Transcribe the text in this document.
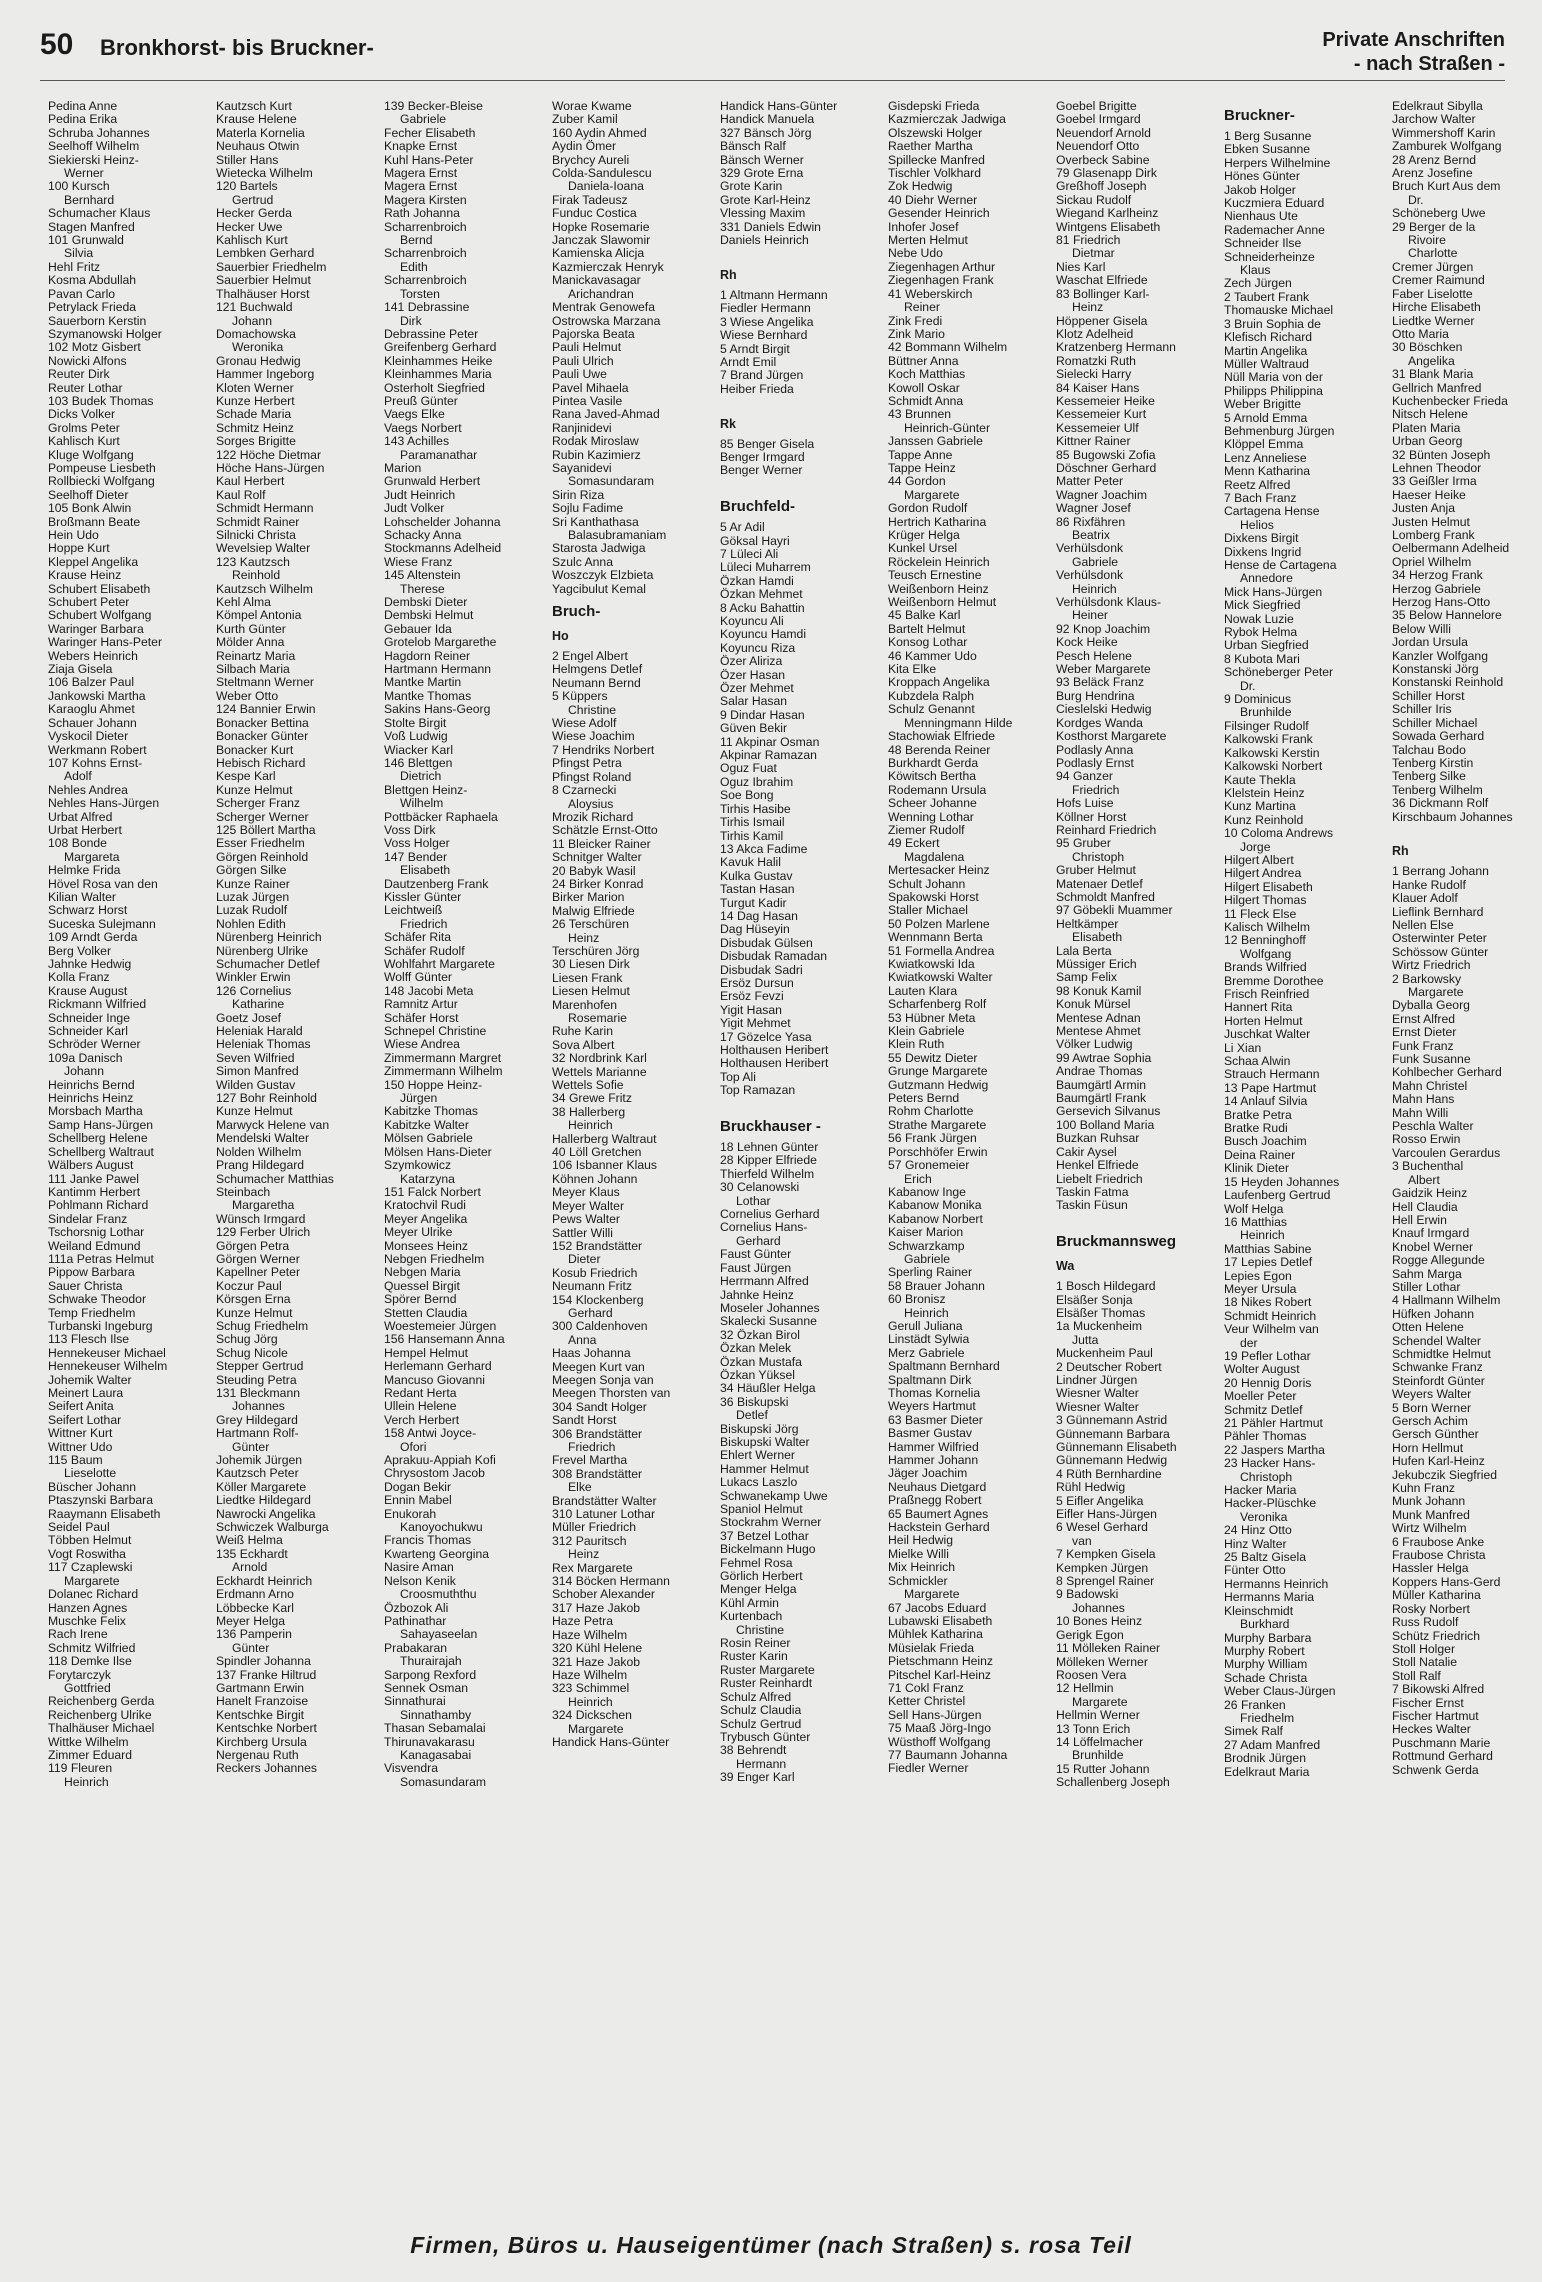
50 Bronkhorst- bis Bruckner-	Private Anschriften
- nach Straßen -
Pedina Anne
Pedina Erika
Schruba Johannes
Seelhoff Wilhelm
Siekierski Heinz-
Werner
100 Kursch
Bernhard
Schumacher Klaus
Stagen Manfred
101 Grunwald
Silvia
Hehl Fritz
Kosma Abdullah
Pavan Carlo
Petrylack Frieda
Sauerborn Kerstin
Szymanowski Holger
102 Motz Gisbert
Nowicki Alfons
Reuter Dirk
Reuter Lothar
103 Budek Thomas
Dicks Volker
Grolms Peter
Kahlisch Kurt
Kluge Wolfgang
Pompeuse Liesbeth
Rollbiecki Wolfgang
Seelhoff Dieter
105 Bonk Alwin
Broßmann Beate
Hein Udo
Hoppe Kurt
Kleppel Angelika
Krause Heinz
Schubert Elisabeth
Schubert Peter
Schubert Wolfgang
Waringer Barbara
Waringer Hans-Peter
Webers Heinrich
Ziaja Gisela
106 Balzer Paul
Jankowski Martha
Karaoglu Ahmet
Schauer Johann
Vyskocil Dieter
Werkmann Robert
107 Kohns Ernst-
Adolf
Nehles Andrea
Nehles Hans-Jürgen
Urbat Alfred
Urbat Herbert
108 Bonde
Margareta
Helmke Frida
Hövel Rosa van den
Kilian Walter
Schwarz Horst
Suceska Sulejmann
109 Arndt Gerda
Berg Volker
Jahnke Hedwig
Kolla Franz
Krause August
Rickmann Wilfried
Schneider Inge
Schneider Karl
Schröder Werner
109a Danisch
Johann
Heinrichs Bernd
Heinrichs Heinz
Morsbach Martha
Samp Hans-Jürgen
Schellberg Helene
Schellberg Waltraut
Wälbers August
111 Janke Pawel
Kantimm Herbert
Pohlmann Richard
Sindelar Franz
Tschorsnig Lothar
Weiland Edmund
111a Petras Helmut
Pippow Barbara
Sauer Christa
Schwake Theodor
Temp Friedhelm
Turbanski Ingeburg
113 Flesch Ilse
Hennekeuser Michael
Hennekeuser Wilhelm
Johemik Walter
Meinert Laura
Seifert Anita
Seifert Lothar
Wittner Kurt
Wittner Udo
115 Baum
Lieselotte
Büscher Johann
Ptaszynski Barbara
Raaymann Elisabeth
Seidel Paul
Többen Helmut
Vogt Roswitha
117 Czaplewski
Margarete
Dolanec Richard
Hanzen Agnes
Muschke Felix
Rach Irene
Schmitz Wilfried
118 Demke Ilse
Forytarczyk
Gottfried
Reichenberg Gerda
Reichenberg Ulrike
Thalhäuser Michael
Wittke Wilhelm
Zimmer Eduard
119 Fleuren
Heinrich
Kautzsch Kurt
Krause Helene
Materla Kornelia
Neuhaus Otwin
Stiller Hans
Wietecka Wilhelm
120 Bartels
Gertrud
Hecker Gerda
Hecker Uwe
Kahlisch Kurt
Lembken Gerhard
Sauerbier Friedhelm
Sauerbier Helmut
Thalhäuser Horst
121 Buchwald
Johann
Domachowska
Weronika
Gronau Hedwig
Hammer Ingeborg
Kloten Werner
Kunze Herbert
Schade Maria
Schmitz Heinz
Sorges Brigitte
122 Höche Dietmar
Höche Hans-Jürgen
Kaul Herbert
Kaul Rolf
Schmidt Hermann
Schmidt Rainer
Silnicki Christa
Wevelsiep Walter
123 Kautzsch
Reinhold
Kautzsch Wilhelm
Kehl Alma
Kömpel Antonia
Kurth Günter
Mölder Anna
Reinartz Maria
Silbach Maria
Steltmann Werner
Weber Otto
124 Bannier Erwin
Bonacker Bettina
Bonacker Günter
Bonacker Kurt
Hebisch Richard
Kespe Karl
Kunze Helmut
Scherger Franz
Scherger Werner
125 Böllert Martha
Esser Friedhelm
Görgen Reinhold
Görgen Silke
Kunze Rainer
Luzak Jürgen
Luzak Rudolf
Nohlen Edith
Nürenberg Heinrich
Nürenberg Ulrike
Schumacher Detlef
Winkler Erwin
126 Cornelius
Katharine
Goetz Josef
Heleniak Harald
Heleniak Thomas
Seven Wilfried
Simon Manfred
Wilden Gustav
127 Bohr Reinhold
Kunze Helmut
Marwyck Helene van
Mendelski Walter
Nolden Wilhelm
Prang Hildegard
Schumacher Matthias
Steinbach
Margaretha
Wünsch Irmgard
129 Ferber Ulrich
Görgen Petra
Görgen Werner
Kapellner Peter
Koczur Paul
Körsgen Erna
Kunze Helmut
Schug Friedhelm
Schug Jörg
Schug Nicole
Stepper Gertrud
Steuding Petra
131 Bleckmann
Johannes
Grey Hildegard
Hartmann Rolf-
Günter
Johemik Jürgen
Kautzsch Peter
Köller Margarete
Liedtke Hildegard
Nawrocki Angelika
Schwiczek Walburga
Weiß Helma
135 Eckhardt
Arnold
Eckhardt Heinrich
Erdmann Arno
Löbbecke Karl
Meyer Helga
136 Pamperin
Günter
Spindler Johanna
137 Franke Hiltrud
Gartmann Erwin
Hanelt Franzoise
Kentschke Birgit
Kentschke Norbert
Kirchberg Ursula
Nergenau Ruth
Reckers Johannes
139 Becker-Bleise
Gabriele
Fecher Elisabeth
Knapke Ernst
Kuhl Hans-Peter
Magera Ernst
Magera Ernst
Magera Kirsten
Rath Johanna
Scharrenbroich
Bernd
Scharrenbroich
Edith
Scharrenbroich
Torsten
141 Debrassine
Dirk
Debrassine Peter
Greifenberg Gerhard
Kleinhammes Heike
Kleinhammes Maria
Osterholt Siegfried
Preuß Günter
Vaegs Elke
Vaegs Norbert
143 Achilles
Paramanathar
Marion
Grunwald Herbert
Judt Heinrich
Judt Volker
Lohschelder Johanna
Schacky Anna
Stockmanns Adelheid
Wiese Franz
145 Altenstein
Therese
Dembski Dieter
Dembski Helmut
Gebauer Ida
Grotelob Margarethe
Hagdorn Reiner
Hartmann Hermann
Mantke Martin
Mantke Thomas
Sakins Hans-Georg
Stolte Birgit
Voß Ludwig
Wiacker Karl
146 Blettgen
Dietrich
Blettgen Heinz-
Wilhelm
Pottbäcker Raphaela
Voss Dirk
Voss Holger
147 Bender
Elisabeth
Dautzenberg Frank
Kissler Günter
Leichtweiß
Friedrich
Schäfer Rita
Schäfer Rudolf
Wohlfahrt Margarete
Wolff Günter
148 Jacobi Meta
Ramnitz Artur
Schäfer Horst
Schnepel Christine
Wiese Andrea
Zimmermann Margret
Zimmermann Wilhelm
150 Hoppe Heinz-
Jürgen
Kabitzke Thomas
Kabitzke Walter
Mölsen Gabriele
Mölsen Hans-Dieter
Szymkowicz
Katarzyna
151 Falck Norbert
Kratochvil Rudi
Meyer Angelika
Meyer Ulrike
Monsees Heinz
Nebgen Friedhelm
Nebgen Maria
Quessel Birgit
Spörer Bernd
Stetten Claudia
Woestemeier Jürgen
156 Hansemann Anna
Hempel Helmut
Herlemann Gerhard
Mancuso Giovanni
Redant Herta
Ullein Helene
Verch Herbert
158 Antwi Joyce-
Ofori
Aprakuu-Appiah Kofi
Chrysostom Jacob
Dogan Bekir
Ennin Mabel
Enukorah
Kanoyochukwu
Francis Thomas
Kwarteng Georgina
Nasire Aman
Nelson Kenik
Croosmuththu
Özbozok Ali
Pathinathar
Sahayaseelan
Prabakaran
Thurairajah
Sarpong Rexford
Sennek Osman
Sinnathurai
Sinnathamby
Thasan Sebamalai
Thirunavakarasu
Kanagasabai
Visvendra
Somasundaram
Worae Kwame
Zuber Kamil
160 Aydin Ahmed
Aydin Ömer
Brychcy Aureli
Colda-Sandulescu
Daniela-Ioana
Firak Tadeusz
Funduc Costica
Hopke Rosemarie
Janczak Slawomir
Kamienska Alicja
Kazmierczak Henryk
Manickavasagar
Arichandran
Mentrak Genowefa
Ostrowska Marzana
Pajorska Beata
Pauli Helmut
Pauli Ulrich
Pauli Uwe
Pavel Mihaela
Pintea Vasile
Rana Javed-Ahmad
Ranjinidevi
Rodak Miroslaw
Rubin Kazimierz
Sayanidevi
Somasundaram
Sirin Riza
Sojlu Fadime
Sri Kanthathasa
Balasubramaniam
Starosta Jadwiga
Szulc Anna
Woszczyk Elzbieta
Yagcibulut Kemal
Bruch-
Ho
2 Engel Albert
Helmgens Detlef
Neumann Bernd
5 Küppers
Christine
Wiese Adolf
Wiese Joachim
7 Hendriks Norbert
Pfingst Petra
Pfingst Roland
8 Czarnecki
Aloysius
Mrozik Richard
Schätzle Ernst-Otto
11 Bleicker Rainer
Schnitger Walter
20 Babyk Wasil
24 Birker Konrad
Birker Marion
Malwig Elfriede
26 Terschüren
Heinz
Terschüren Jörg
30 Liesen Dirk
Liesen Frank
Liesen Helmut
Marenhofen
Rosemarie
Ruhe Karin
Sova Albert
32 Nordbrink Karl
Wettels Marianne
Wettels Sofie
34 Grewe Fritz
38 Hallerberg
Heinrich
Hallerberg Waltraut
40 Löll Gretchen
106 Isbanner Klaus
Köhnen Johann
Meyer Klaus
Meyer Walter
Pews Walter
Sattler Willi
152 Brandstätter
Dieter
Kosub Friedrich
Neumann Fritz
154 Klockenberg
Gerhard
300 Caldenhoven
Anna
Haas Johanna
Meegen Kurt van
Meegen Sonja van
Meegen Thorsten van
304 Sandt Holger
Sandt Horst
306 Brandstätter
Friedrich
Frevel Martha
308 Brandstätter
Elke
Brandstätter Walter
310 Latuner Lothar
Müller Friedrich
312 Pauritsch
Heinz
Rex Margarete
314 Böcken Hermann
Schober Alexander
317 Haze Jakob
Haze Petra
Haze Wilhelm
320 Kühl Helene
321 Haze Jakob
Haze Wilhelm
323 Schimmel
Heinrich
324 Dickschen
Margarete
Handick Hans-Günter
Handick Hans-Günter
Handick Manuela
327 Bänsch Jörg
Bänsch Ralf
Bänsch Werner
329 Grote Erna
Grote Karin
Grote Karl-Heinz
Vlessing Maxim
331 Daniels Edwin
Daniels Heinrich

Rh
1 Altmann Hermann
Fiedler Hermann
3 Wiese Angelika
Wiese Bernhard
5 Arndt Birgit
Arndt Emil
7 Brand Jürgen
Heiber Frieda

Rk
85 Benger Gisela
Benger Irmgard
Benger Werner

Bruchfeld-
5 Ar Adil
Göksal Hayri
7 Lüleci Ali
Lüleci Muharrem
Özkan Hamdi
Özkan Mehmet
8 Acku Bahattin
Koyuncu Ali
Koyuncu Hamdi
Koyuncu Riza
Özer Aliriza
Özer Hasan
Özer Mehmet
Salar Hasan
9 Dindar Hasan
Güven Bekir
11 Akpinar Osman
Akpinar Ramazan
Oguz Fuat
Oguz Ibrahim
Soe Bong
Tirhis Hasibe
Tirhis Ismail
Tirhis Kamil
13 Akca Fadime
Kavuk Halil
Kulka Gustav
Tastan Hasan
Turgut Kadir
14 Dag Hasan
Dag Hüseyin
Disbudak Gülsen
Disbudak Ramadan
Disbudak Sadri
Ersöz Dursun
Ersöz Fevzi
Yigit Hasan
Yigit Mehmet
17 Gözelce Yasa
Holthausen Heribert
Holthausen Heribert
Top Ali
Top Ramazan

Bruckhauser -
18 Lehnen Günter
28 Kipper Elfriede
Thierfeld Wilhelm
30 Celanowski
Lothar
Cornelius Gerhard
Cornelius Hans-
Gerhard
Faust Günter
Faust Jürgen
Herrmann Alfred
Jahnke Heinz
Moseler Johannes
Skalecki Susanne
32 Özkan Birol
Özkan Melek
Özkan Mustafa
Özkan Yüksel
34 Häußler Helga
36 Biskupski
Detlef
Biskupski Jörg
Biskupski Walter
Ehlert Werner
Hammer Helmut
Lukacs Laszlo
Schwanekamp Uwe
Spaniol Helmut
Stockrahm Werner
37 Betzel Lothar
Bickelmann Hugo
Fehmel Rosa
Görlich Herbert
Menger Helga
Kühl Armin
Kurtenbach
Christine
Rosin Reiner
Ruster Karin
Ruster Margarete
Ruster Reinhardt
Schulz Alfred
Schulz Claudia
Schulz Gertrud
Trybusch Günter
38 Behrendt
Hermann
39 Enger Karl
Gisdepski Frieda
Kazmierczak Jadwiga
Olszewski Holger
Raether Martha
Spillecke Manfred
Tischler Volkhard
Zok Hedwig
40 Diehr Werner
Gesender Heinrich
Inhofer Josef
Merten Helmut
Nebe Udo
Ziegenhagen Arthur
Ziegenhagen Frank
41 Weberskirch
Reiner
Zink Fredi
Zink Mario
42 Bommann Wilhelm
Büttner Anna
Koch Matthias
Kowoll Oskar
Schmidt Anna
43 Brunnen
Heinrich-Günter
Janssen Gabriele
Tappe Anne
Tappe Heinz
44 Gordon
Margarete
Gordon Rudolf
Hertrich Katharina
Krüger Helga
Kunkel Ursel
Röckelein Heinrich
Teusch Ernestine
Weißenborn Heinz
Weißenborn Helmut
45 Balke Karl
Bartelt Helmut
Konsog Lothar
46 Kammer Udo
Kita Elke
Kroppach Angelika
Kubzdela Ralph
Schulz Genannt
Menningmann Hilde
Stachowiak Elfriede
48 Berenda Reiner
Burkhardt Gerda
Köwitsch Bertha
Rodemann Ursula
Scheer Johanne
Wenning Lothar
Ziemer Rudolf
49 Eckert
Magdalena
Mertesacker Heinz
Schult Johann
Spakowski Horst
Staller Michael
50 Polzen Marlene
Wennmann Berta
51 Formella Andrea
Kwiatkowski Ida
Kwiatkowski Walter
Lauten Klara
Scharfenberg Rolf
53 Hübner Meta
Klein Gabriele
Klein Ruth
55 Dewitz Dieter
Grunge Margarete
Gutzmann Hedwig
Peters Bernd
Rohm Charlotte
Strathe Margarete
56 Frank Jürgen
Porschhöfer Erwin
57 Gronemeier
Erich
Kabanow Inge
Kabanow Monika
Kabanow Norbert
Kaiser Marion
Schwarzkamp
Gabriele
Sperling Rainer
58 Brauer Johann
60 Bronisz
Heinrich
Gerull Juliana
Linstädt Sylwia
Merz Gabriele
Spaltmann Bernhard
Spaltmann Dirk
Thomas Kornelia
Weyers Hartmut
63 Basmer Dieter
Basmer Gustav
Hammer Wilfried
Hammer Johann
Jäger Joachim
Neuhaus Dietgard
Praßnegg Robert
65 Baumert Agnes
Hackstein Gerhard
Heil Hedwig
Mielke Willi
Mix Heinrich
Schmickler
Margarete
67 Jacobs Eduard
Lubawski Elisabeth
Mühlek Katharina
Müsielak Frieda
Pietschmann Heinz
Pitschel Karl-Heinz
71 Cokl Franz
Ketter Christel
Sell Hans-Jürgen
75 Maaß Jörg-Ingo
Wüsthoff Wolfgang
77 Baumann Johanna
Fiedler Werner
Goebel Brigitte
Goebel Irmgard
Neuendorf Arnold
Neuendorf Otto
Overbeck Sabine
79 Glasenapp Dirk
Greßhoff Joseph
Sickau Rudolf
Wiegand Karlheinz
Wintgens Elisabeth
81 Friedrich
Dietmar
Nies Karl
Waschat Elfriede
83 Bollinger Karl-
Heinz
Höppener Gisela
Klotz Adelheid
Kratzenberg Hermann
Romatzki Ruth
Sielecki Harry
84 Kaiser Hans
Kessemeier Heike
Kessemeier Kurt
Kessemeier Ulf
Kittner Rainer
85 Bugowski Zofia
Döschner Gerhard
Matter Peter
Wagner Joachim
Wagner Josef
86 Rixfähren
Beatrix
Verhülsdonk
Gabriele
Verhülsdonk
Heinrich
Verhülsdonk Klaus-
Heiner
92 Knop Joachim
Kock Heike
Pesch Helene
Weber Margarete
93 Beläck Franz
Burg Hendrina
Cieslelski Hedwig
Kordges Wanda
Kosthorst Margarete
Podlasly Anna
Podlasly Ernst
94 Ganzer
Friedrich
Hofs Luise
Köllner Horst
Reinhard Friedrich
95 Gruber
Christoph
Gruber Helmut
Matenaer Detlef
Schmoldt Manfred
97 Göbekli Muammer
Heltkämper
Elisabeth
Lala Berta
Müssiger Erich
Samp Felix
98 Konuk Kamil
Konuk Mürsel
Mentese Adnan
Mentese Ahmet
Völker Ludwig
99 Awtrae Sophia
Andrae Thomas
Baumgärtl Armin
Baumgärtl Frank
Gersevich Silvanus
100 Bolland Maria
Buzkan Ruhsar
Cakir Aysel
Henkel Elfriede
Liebelt Friedrich
Taskin Fatma
Taskin Füsun

Bruckmannsweg
Wa
1 Bosch Hildegard
Elsäßer Sonja
Elsäßer Thomas
1a Muckenheim
Jutta
Muckenheim Paul
2 Deutscher Robert
Lindner Jürgen
Wiesner Walter
Wiesner Walter
3 Günnemann Astrid
Günnemann Barbara
Günnemann Elisabeth
Günnemann Hedwig
4 Rüth Bernhardine
Rühl Hedwig
5 Eifler Angelika
Eifler Hans-Jürgen
6 Wesel Gerhard
van
7 Kempken Gisela
Kempken Jürgen
8 Sprengel Rainer
9 Badowski
Johannes
10 Bones Heinz
Gerigk Egon
11 Mölleken Rainer
Mölleken Werner
Roosen Vera
12 Hellmin
Margarete
Hellmin Werner
13 Tonn Erich
14 Löffelmacher
Brunhilde
15 Rutter Johann
Schallenberg Joseph
Bruckner-
1 Berg Susanne
Ebken Susanne
Herpers Wilhelmine
Hönes Günter
Jakob Holger
Kuczmiera Eduard
Nienhaus Ute
Rademacher Anne
Schneider Ilse
Schneiderheinze
Klaus
Zech Jürgen
2 Taubert Frank
Thomauske Michael
3 Bruin Sophia de
Klefisch Richard
Martin Angelika
Müller Waltraud
Nüll Maria von der
Philipps Philippina
Weber Brigitte
5 Arnold Emma
Behmenburg Jürgen
Klöppel Emma
Lenz Anneliese
Menn Katharina
Reetz Alfred
7 Bach Franz
Cartagena Hense
Helios
Dixkens Birgit
Dixkens Ingrid
Hense de Cartagena
Annedore
Mick Hans-Jürgen
Mick Siegfried
Nowak Luzie
Rybok Helma
Urban Siegfried
8 Kubota Mari
Schöneberger Peter
Dr.
9 Dominicus
Brunhilde
Filsinger Rudolf
Kalkowski Frank
Kalkowski Kerstin
Kalkowski Norbert
Kaute Thekla
Klelstein Heinz
Kunz Martina
Kunz Reinhold
10 Coloma Andrews
Jorge
Hilgert Albert
Hilgert Andrea
Hilgert Elisabeth
Hilgert Thomas
11 Fleck Else
Kalisch Wilhelm
12 Benninghoff
Wolfgang
Brands Wilfried
Bremme Dorothee
Frisch Reinfried
Hannert Rita
Horten Helmut
Juschkat Walter
Li Xian
Schaa Alwin
Strauch Hermann
13 Pape Hartmut
14 Anlauf Silvia
Bratke Petra
Bratke Rudi
Busch Joachim
Deina Rainer
Klinik Dieter
15 Heyden Johannes
Laufenberg Gertrud
Wolf Helga
16 Matthias
Heinrich
Matthias Sabine
17 Lepies Detlef
Lepies Egon
Meyer Ursula
18 Nikes Robert
Schmidt Heinrich
Veur Wilhelm van
der
19 Pefler Lothar
Wolter August
20 Hennig Doris
Moeller Peter
Schmitz Detlef
21 Pähler Hartmut
Pähler Thomas
22 Jaspers Martha
23 Hacker Hans-
Christoph
Hacker Maria
Hacker-Plüschke
Veronika
24 Hinz Otto
Hinz Walter
25 Baltz Gisela
Fünter Otto
Hermanns Heinrich
Hermanns Maria
Kleinschmidt
Burkhard
Murphy Barbara
Murphy Robert
Murphy William
Schade Christa
Weber Claus-Jürgen
26 Franken
Friedhelm
Simek Ralf
27 Adam Manfred
Brodnik Jürgen
Edelkraut Maria
Edelkraut Sibylla
Jarchow Walter
Wimmershoff Karin
Zamburek Wolfgang
28 Arenz Bernd
Arenz Josefine
Bruch Kurt Aus dem
Dr.
Schöneberg Uwe
29 Berger de la
Rivoire
Charlotte
Cremer Jürgen
Cremer Raimund
Faber Liselotte
Hirche Elisabeth
Liedtke Werner
Otto Maria
30 Böschken
Angelika
31 Blank Maria
Gellrich Manfred
Kuchenbecker Frieda
Nitsch Helene
Platen Maria
Urban Georg
32 Bünten Joseph
Lehnen Theodor
33 Geißler Irma
Haeser Heike
Justen Anja
Justen Helmut
Lomberg Frank
Oelbermann Adelheid
Opriel Wilhelm
34 Herzog Frank
Herzog Gabriele
Herzog Hans-Otto
35 Below Hannelore
Below Willi
Jordan Ursula
Kanzler Wolfgang
Konstanski Jörg
Konstanski Reinhold
Schiller Horst
Schiller Iris
Schiller Michael
Sowada Gerhard
Talchau Bodo
Tenberg Kirstin
Tenberg Silke
Tenberg Wilhelm
36 Dickmann Rolf
Kirschbaum Johannes

Rh
1 Berrang Johann
Hanke Rudolf
Klauer Adolf
Lieflink Bernhard
Nellen Else
Osterwinter Peter
Schössow Günter
Wirtz Friedrich
2 Barkowsky
Margarete
Dyballa Georg
Ernst Alfred
Ernst Dieter
Funk Franz
Funk Susanne
Kohlbecher Gerhard
Mahn Christel
Mahn Hans
Mahn Willi
Peschla Walter
Rosso Erwin
Varcoulen Gerardus
3 Buchenthal
Albert
Gaidzik Heinz
Hell Claudia
Hell Erwin
Knauf Irmgard
Knobel Werner
Rogge Allegunde
Sahm Marga
Stiller Lothar
4 Hallmann Wilhelm
Hüfken Johann
Otten Helene
Schendel Walter
Schmidtke Helmut
Schwanke Franz
Steinfordt Günter
Weyers Walter
5 Born Werner
Gersch Achim
Gersch Günther
Horn Hellmut
Hufen Karl-Heinz
Jekubczik Siegfried
Kuhn Franz
Munk Johann
Munk Manfred
Wirtz Wilhelm
6 Fraubose Anke
Fraubose Christa
Hassler Helga
Koppers Hans-Gerd
Müller Katharina
Rosky Norbert
Russ Rudolf
Schütz Friedrich
Stoll Holger
Stoll Natalie
Stoll Ralf
7 Bikowski Alfred
Fischer Ernst
Fischer Hartmut
Heckes Walter
Puschmann Marie
Rottmund Gerhard
Schwenk Gerda
Firmen, Büros u. Hauseigentümer (nach Straßen) s. rosa Teil
